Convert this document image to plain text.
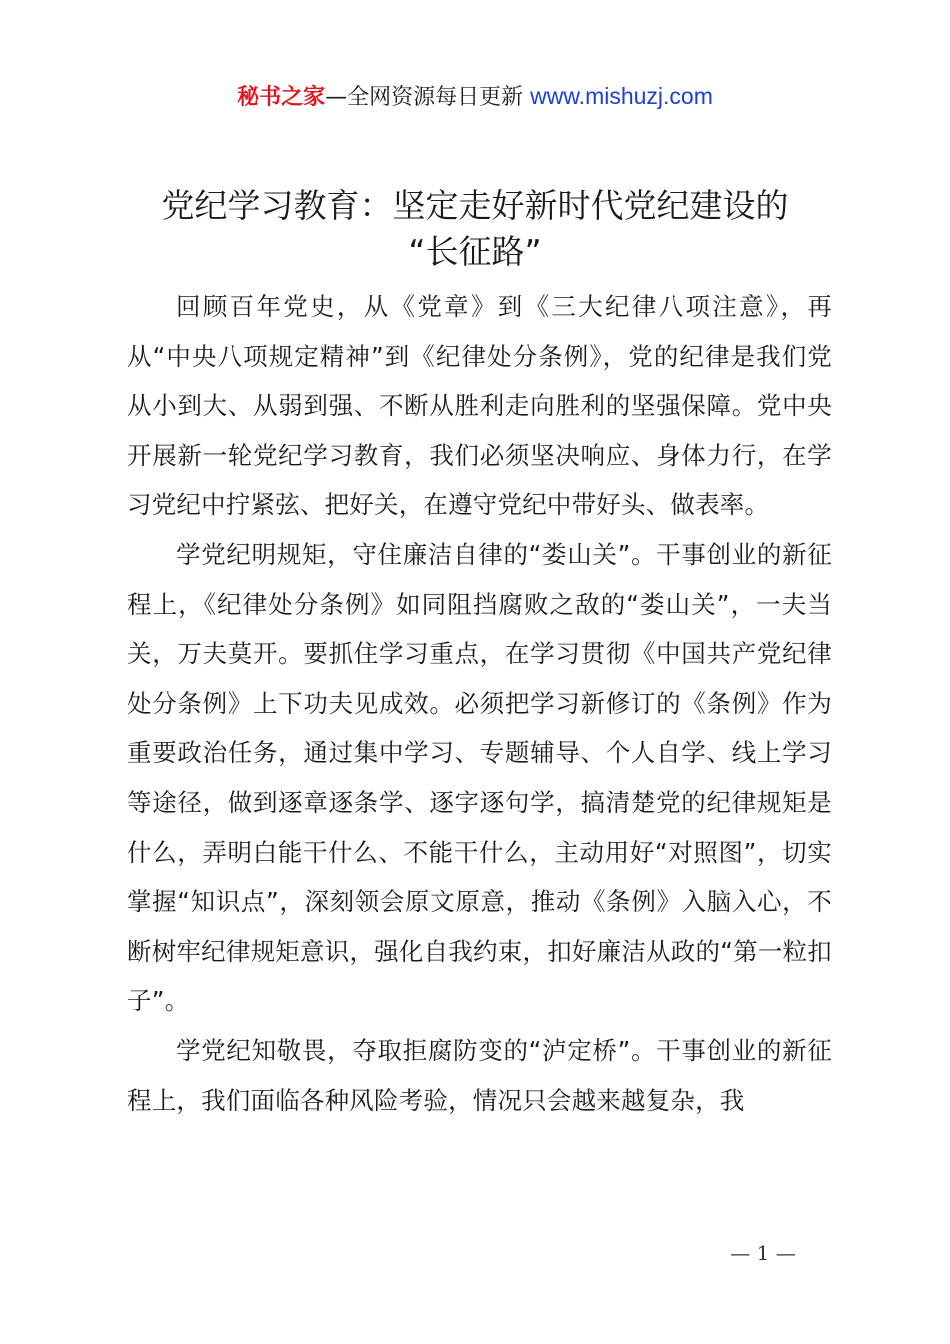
秘书之家—全网资源每日更新 www.mishuzj.com
党纪学习教育：坚定走好新时代党纪建设的
“长征路”

回顾百年党史，从《党章》到《三大纪律八项注意》，再从“中央八项规定精神”到《纪律处分条例》，党的纪律是我们党从小到大、从弱到强、不断从胜利走向胜利的坚强保障。党中央开展新一轮党纪学习教育，我们必须坚决响应、身体力行，在学习党纪中拧紧弦、把好关，在遵守党纪中带好头、做表率。

学党纪明规矩，守住廉洁自律的“娄山关”。干事创业的新征程上，《纪律处分条例》如同阻挡腐败之敌的“娄山关”，一夫当关，万夫莫开。要抓住学习重点，在学习贯彻《中国共产党纪律处分条例》上下功夫见成效。必须把学习新修订的《条例》作为重要政治任务，通过集中学习、专题辅导、个人自学、线上学习等途径，做到逐章逐条学、逐字逐句学，搞清楚党的纪律规矩是什么，弄明白能干什么、不能干什么，主动用好“对照图”，切实掌握“知识点”，深刻领会原文原意，推动《条例》入脑入心，不断树牢纪律规矩意识，强化自我约束，扣好廉洁从政的“第一粒扣子”。

学党纪知敬畏，夺取拒腐防变的“泸定桥”。干事创业的新征程上，我们面临各种风险考验，情况只会越来越复杂，我

— 1 —
